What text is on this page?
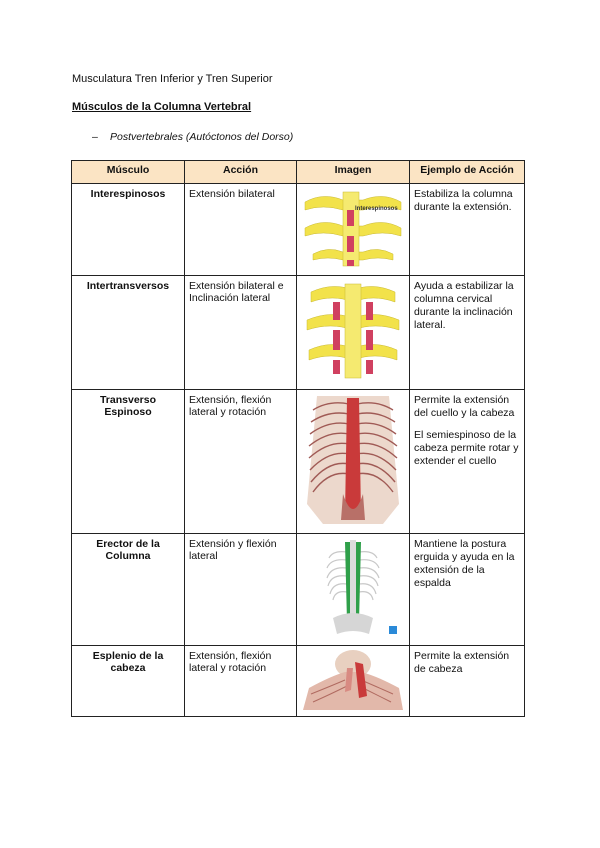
Musculatura Tren Inferior y Tren Superior
Músculos de la Columna Vertebral
– Postvertebrales (Autóctonos del Dorso)
Músculo	Acción	Imagen	Ejemplo de Acción
Interespinosos	Extensión bilateral	Interespinosos	Estabiliza la columna durante la extensión.

Intertransversos	Extensión bilateral e Inclinación lateral		Ayuda a estabilizar la columna cervical durante la inclinación lateral.

Transverso Espinoso	Extensión, flexión lateral y rotación		Permite la extensión del cuello y la cabeza

El semiespinoso de la cabeza permite rotar y extender el cuello

Erector de la Columna	Extensión y flexión lateral		Mantiene la postura erguida y ayuda en la extensión de la espalda

Esplenio de la cabeza	Extensión, flexión lateral y rotación		Permite la extensión de cabeza
